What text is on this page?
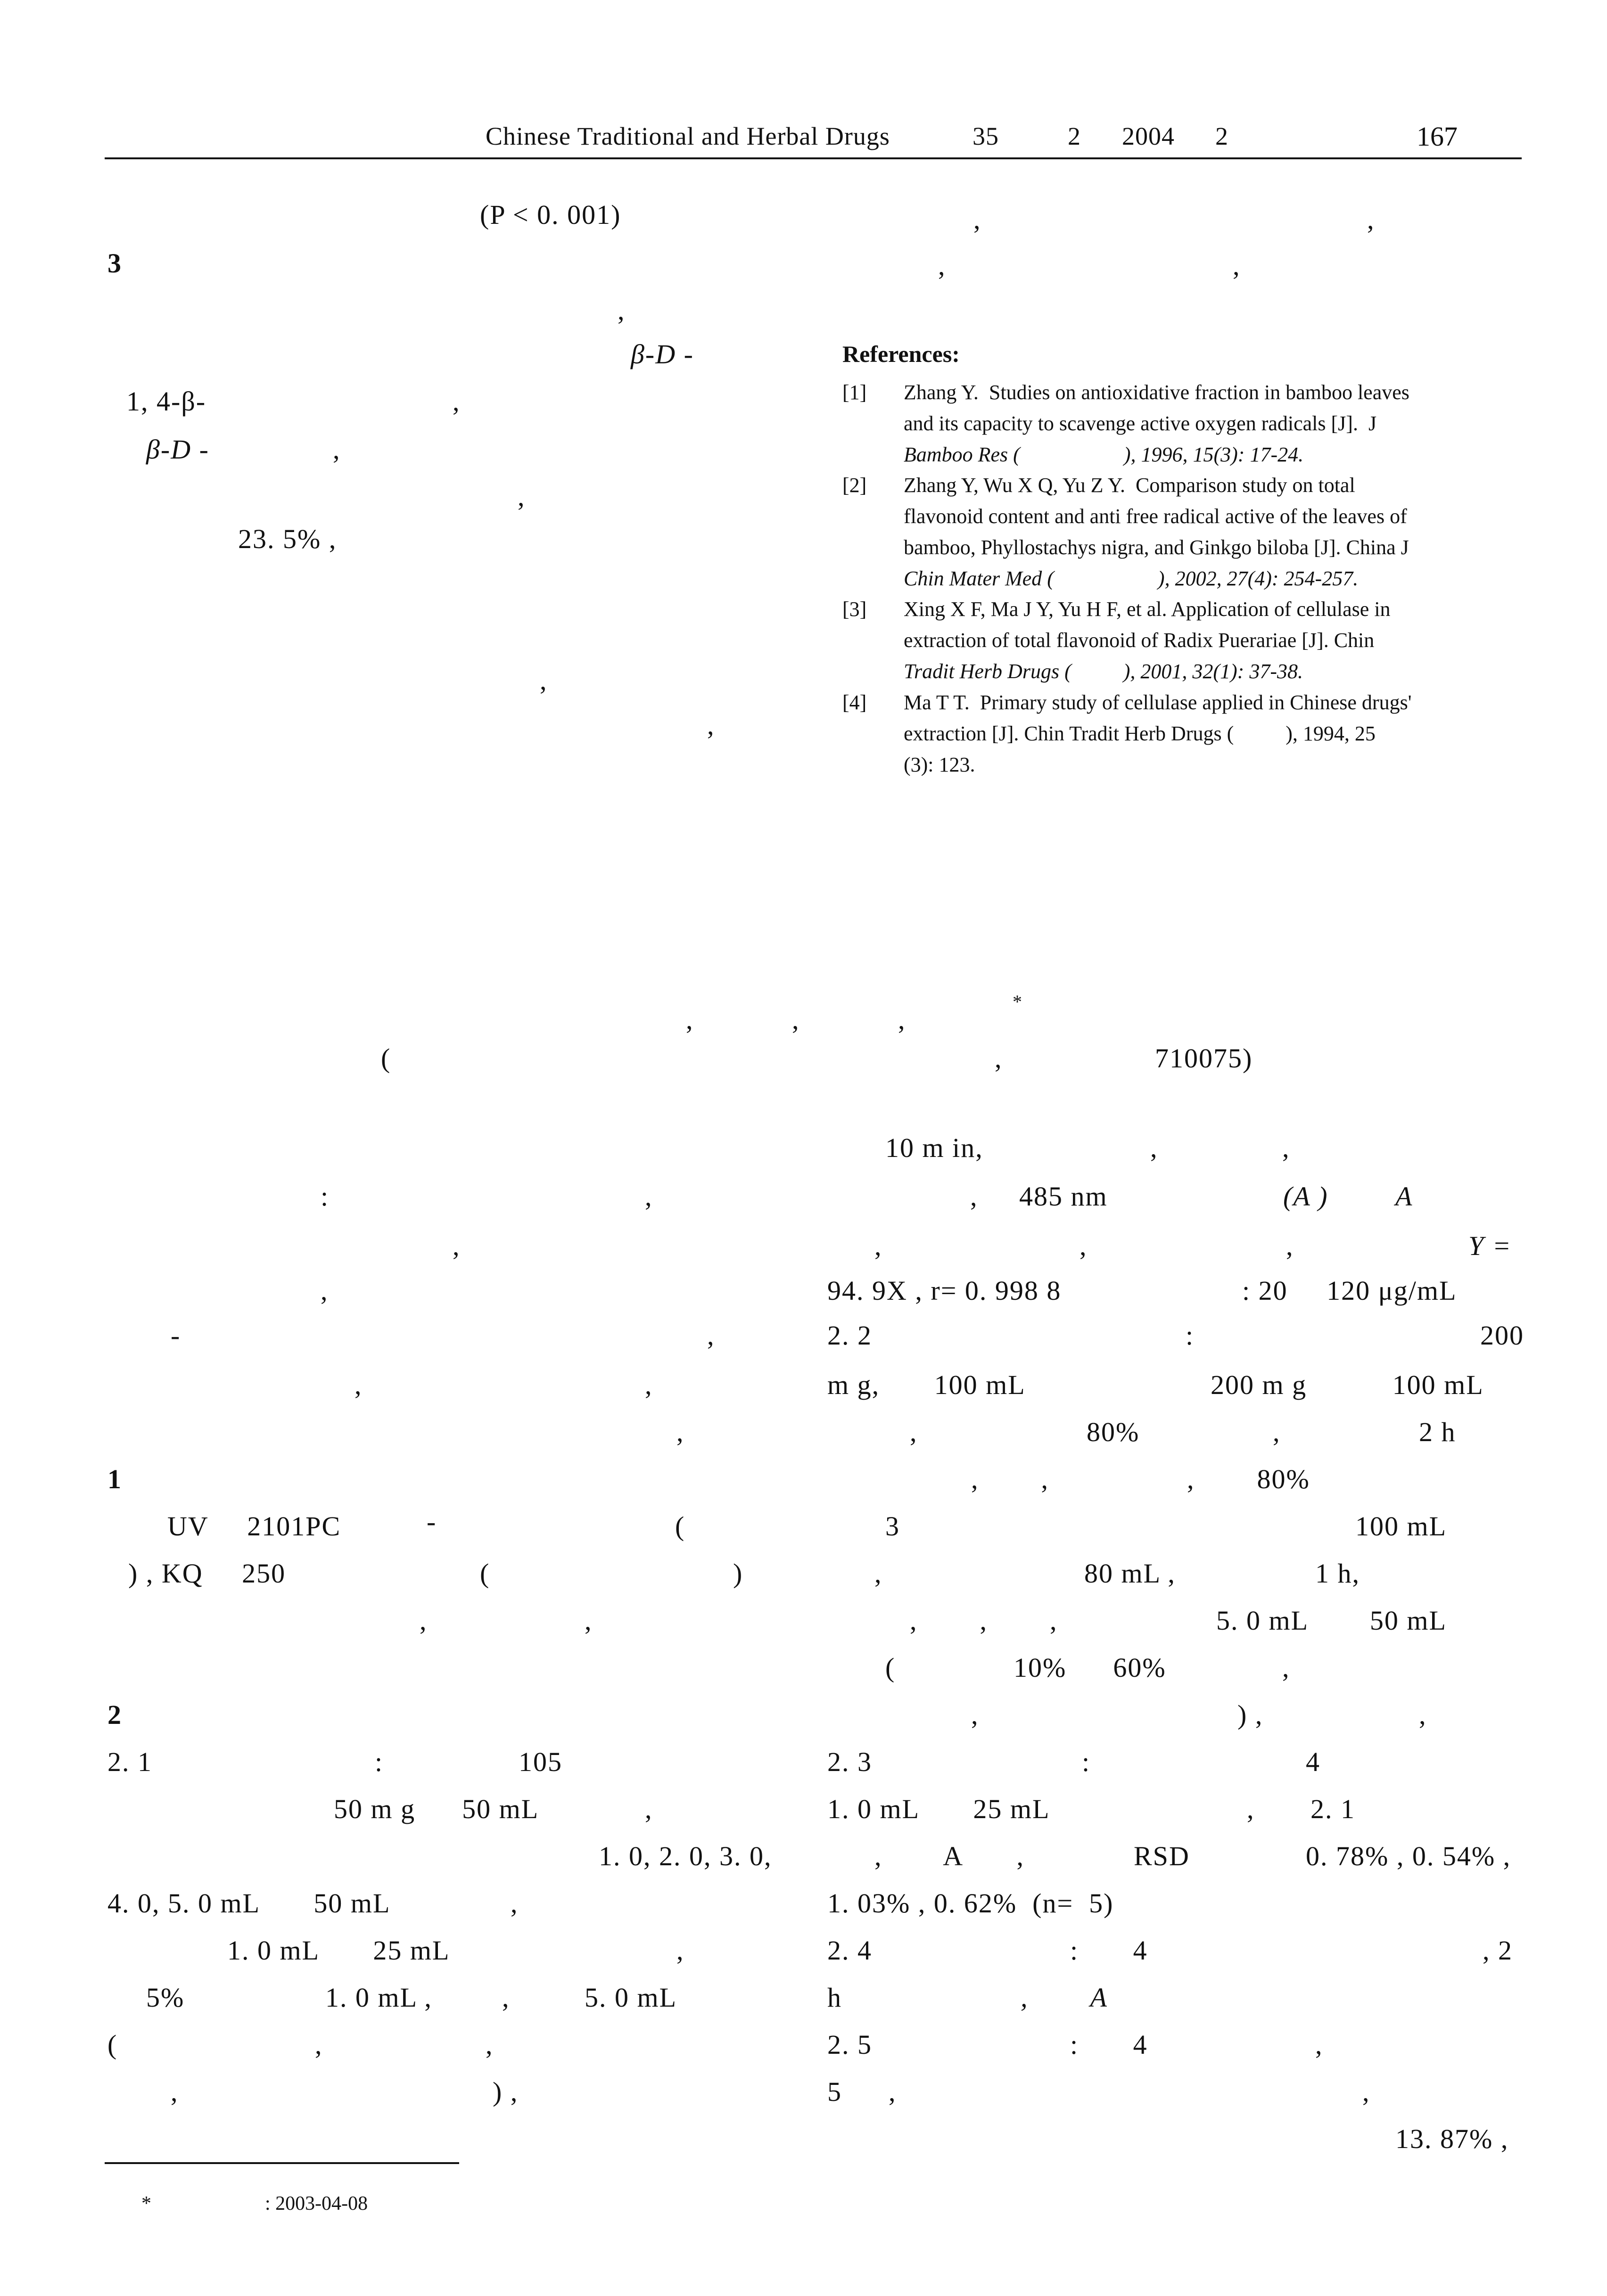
Chinese Traditional and Herbal Drugs	35	2 2004 2	167
(P < 0. 001)
3
,
β-D -
1, 4-β-	,
β-D -	,
,
23. 5% ,
,
,
,	,
,	,
References:
[1] Zhang Y.  Studies on antioxidative fraction in bamboo leaves
and its capacity to scavenge active oxygen radicals [J].  J
Bamboo Res (                    ), 1996, 15(3): 17-24.
[2] Zhang Y, Wu X Q, Yu Z Y.  Comparison study on total
flavonoid content and anti free radical active of the leaves of
bamboo, Phyllostachys nigra, and Ginkgo biloba [J]. China J
Chin Mater Med (                    ), 2002, 27(4): 254-257.
[3] Xing X F, Ma J Y, Yu H F, et al. Application of cellulase in
extraction of total flavonoid of Radix Puerariae [J]. Chin
Tradit Herb Drugs (          ), 2001, 32(1): 37-38.
[4] Ma T T.  Primary study of cellulase applied in Chinese drugs'
extraction [J]. Chin Tradit Herb Drugs (          ), 1994, 25
(3): 123.
*
,	,	,
(	,	710075)
:	,
,
,
-	,
,	,
,
1
UV     2101PC	-	(
) , KQ     250	(	)
,	,
2
2. 1	:	105
50 m g      50 mL	,
1. 0, 2. 0, 3. 0,
4. 0, 5. 0 mL       50 mL	,
1. 0 mL       25 mL	,
5%	1. 0 mL ,	,	5. 0 mL
(	,	,
,	) ,
10 m in,	,	,
, 485 nm	(A ) A
,	,	,	Y =
94. 9X , r= 0. 998 8	: 20     120 μg/mL
2. 2	:	200
m g,       100 mL	200 m g           100 mL
,	80%	,	2 h
,        ,	,        80%
3	100 mL
,	80 mL ,	1 h,
,        ,        ,	5. 0 mL        50 mL
(	10%      60%	,
,	) ,	,
2. 3	:	4
1. 0 mL       25 mL	, 2. 1
,        A       ,	RSD	0. 78% , 0. 54% ,
1. 03% , 0. 62%  (n=  5)
2. 4	:       4	, 2
h	,        A
2. 5	:       4	,
5      ,	,
13. 87% ,
*	: 2003-04-08
